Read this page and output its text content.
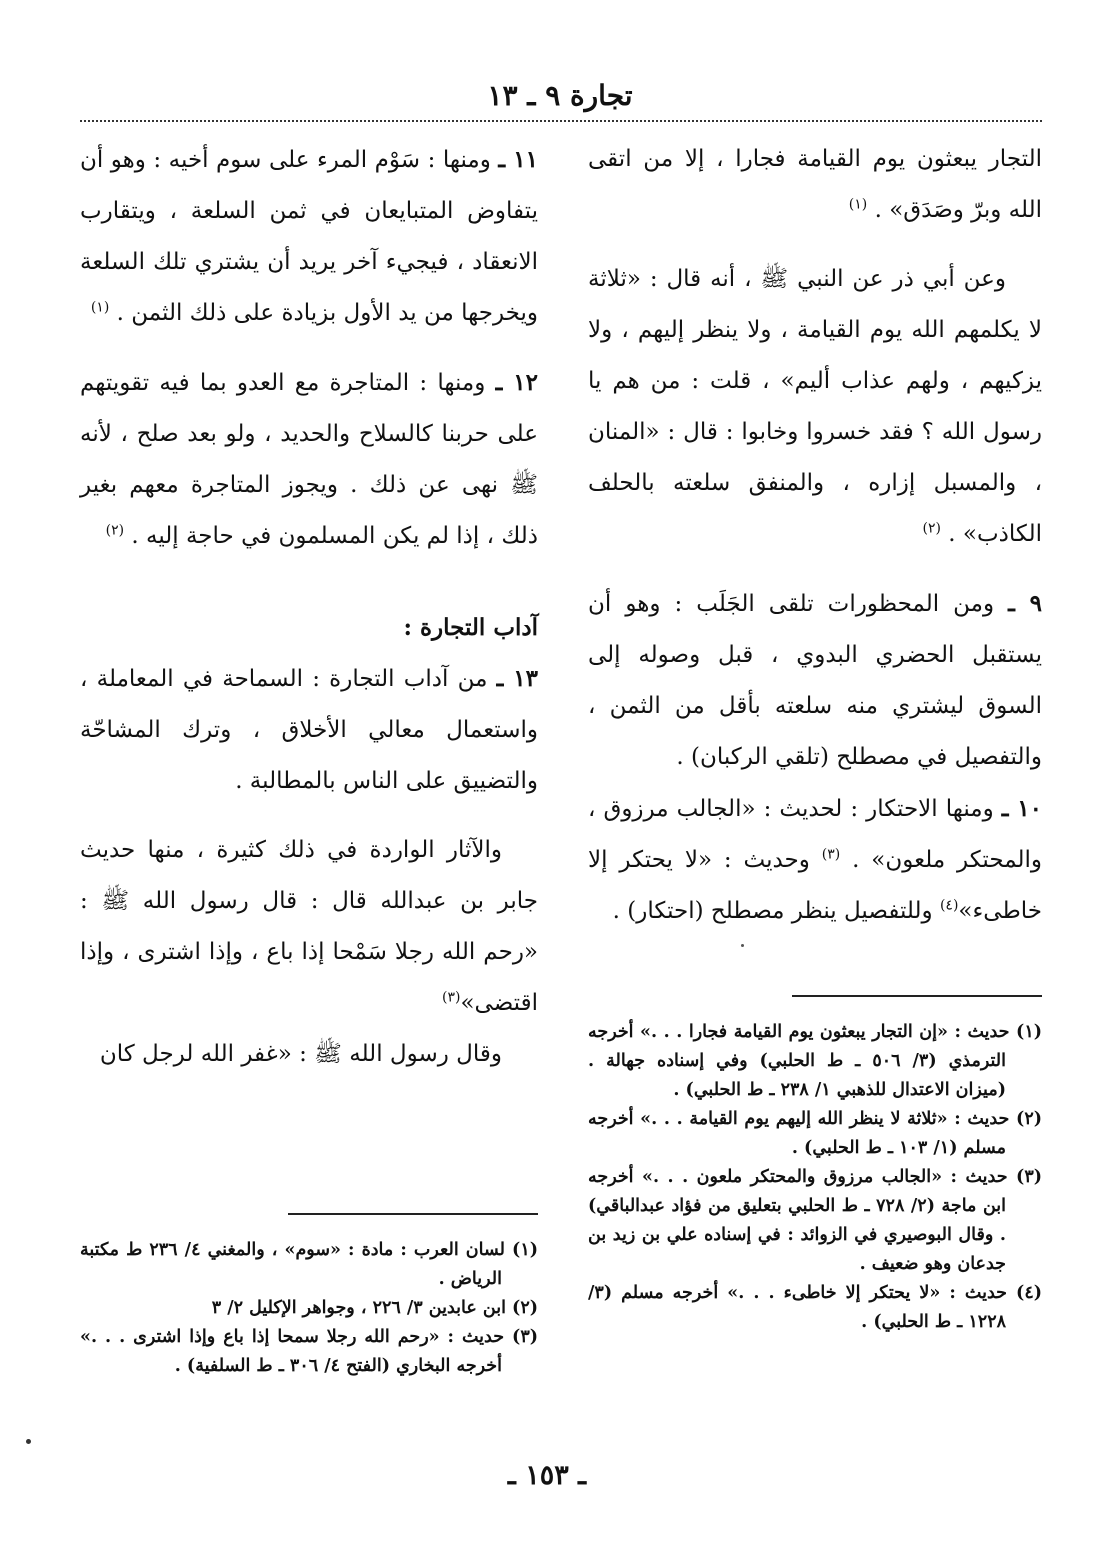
تجارة ٩ ـ ١٣

التجار يبعثون يوم القيامة فجارا ، إلا من اتقى الله وبرّ وصَدَق» . $^{(١)}$

وعن أبي ذر عن النبي ﷺ ، أنه قال : «ثلاثة لا يكلمهم الله يوم القيامة ، ولا ينظر إليهم ، ولا يزكيهم ، ولهم عذاب أليم» ، قلت : من هم يا رسول الله ؟ فقد خسروا وخابوا : قال : «المنان ، والمسبل إزاره ، والمنفق سلعته بالحلف الكاذب» . $^{(٢)}$

٩ ـ ومن المحظورات تلقى الجَلَب : وهو أن يستقبل الحضري البدوي ، قبل وصوله إلى السوق ليشتري منه سلعته بأقل من الثمن ، والتفصيل في مصطلح (تلقي الركبان) .

١٠ ـ ومنها الاحتكار : لحديث : «الجالب مرزوق ، والمحتكر ملعون» . $^{(٣)}$ وحديث : «لا يحتكر إلا خاطىء»$^{(٤)}$ وللتفصيل ينظر مصطلح (احتكار) .

١١ ـ ومنها : سَوْم المرء على سوم أخيه : وهو أن يتفاوض المتبايعان في ثمن السلعة ، ويتقارب الانعقاد ، فيجيء آخر يريد أن يشتري تلك السلعة ويخرجها من يد الأول بزيادة على ذلك الثمن . $^{(١)}$

١٢ ـ ومنها : المتاجرة مع العدو بما فيه تقويتهم على حربنا كالسلاح والحديد ، ولو بعد صلح ، لأنه ﷺ نهى عن ذلك . ويجوز المتاجرة معهم بغير ذلك ، إذا لم يكن المسلمون في حاجة إليه . $^{(٢)}$

آداب التجارة :

١٣ ـ من آداب التجارة : السماحة في المعاملة ، واستعمال معالي الأخلاق ، وترك المشاحّة والتضييق على الناس بالمطالبة .

والآثار الواردة في ذلك كثيرة ، منها حديث جابر بن عبدالله قال : قال رسول الله ﷺ : «رحم الله رجلا سَمْحا إذا باع ، وإذا اشترى ، وإذا اقتضى»$^{(٣)}$

وقال رسول الله ﷺ : «غفر الله لرجل كان

(١) حديث : «إن التجار يبعثون يوم القيامة فجارا . . .» أخرجه الترمذي (٣/ ٥٠٦ ـ ط الحلبي) وفي إسناده جهالة . (ميزان الاعتدال للذهبي ١/ ٢٣٨ ـ ط الحلبي) .

(٢) حديث : «ثلاثة لا ينظر الله إليهم يوم القيامة . . .» أخرجه مسلم (١/ ١٠٣ ـ ط الحلبي) .

(٣) حديث : «الجالب مرزوق والمحتكر ملعون . . .» أخرجه ابن ماجة (٢/ ٧٢٨ ـ ط الحلبي بتعليق من فؤاد عبدالباقي) . وقال البوصيري في الزوائد : في إسناده علي بن زيد بن جدعان وهو ضعيف .

(٤) حديث : «لا يحتكر إلا خاطىء . . .» أخرجه مسلم (٣/ ١٢٢٨ ـ ط الحلبي) .

(١) لسان العرب : مادة : «سوم» ، والمغني ٤/ ٢٣٦ ط مكتبة الرياض .

(٢) ابن عابدين ٣/ ٢٢٦ ، وجواهر الإكليل ٢/ ٣

(٣) حديث : «رحم الله رجلا سمحا إذا باع وإذا اشترى . . .» أخرجه البخاري (الفتح ٤/ ٣٠٦ ـ ط السلفية) .

ـ ١٥٣ ـ
